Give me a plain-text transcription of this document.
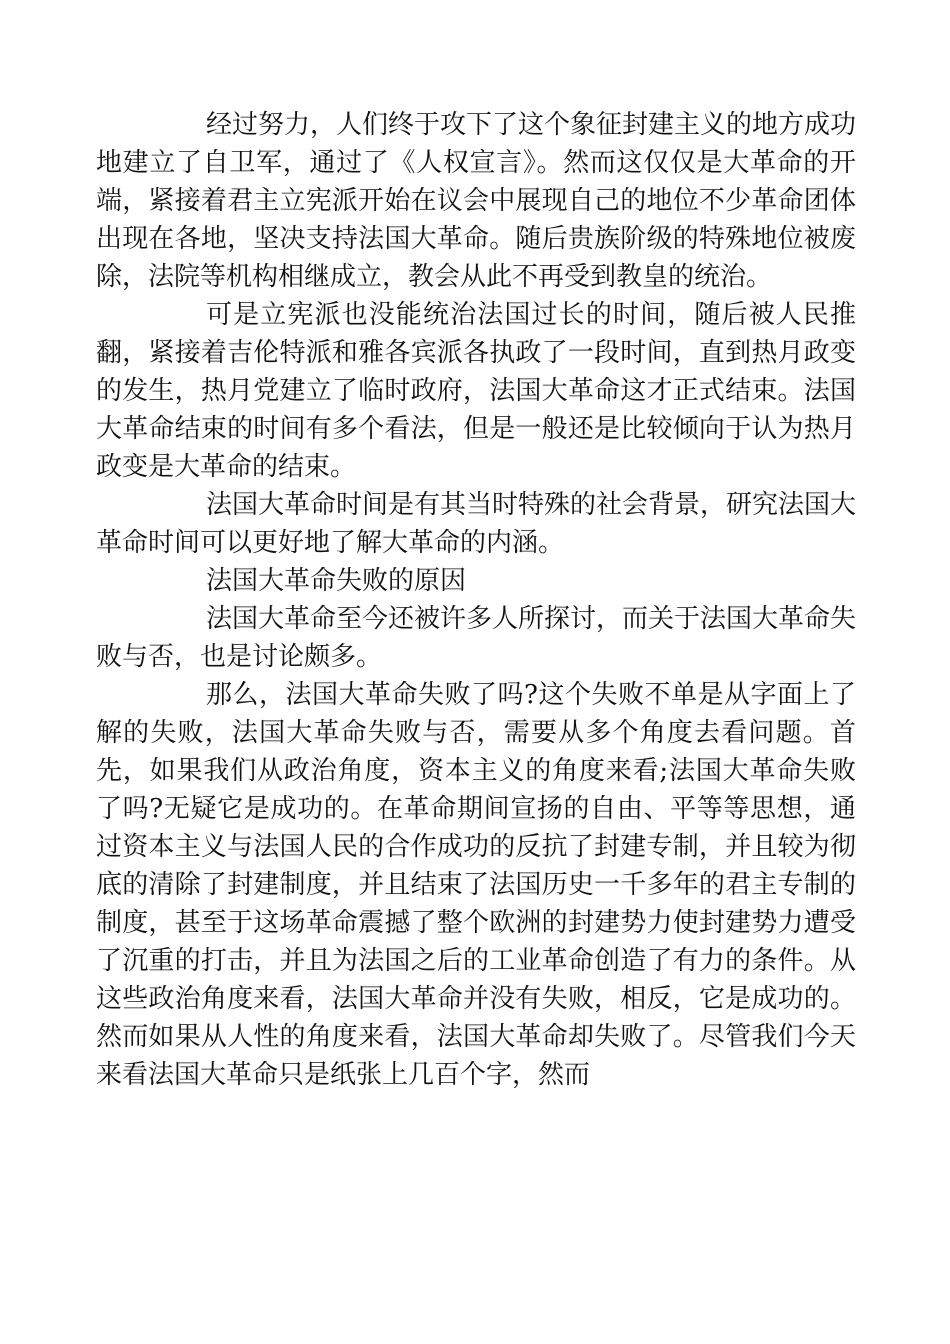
经过努力，人们终于攻下了这个象征封建主义的地方成功地建立了自卫军，通过了《人权宣言》。然而这仅仅是大革命的开端，紧接着君主立宪派开始在议会中展现自己的地位不少革命团体出现在各地，坚决支持法国大革命。随后贵族阶级的特殊地位被废除，法院等机构相继成立，教会从此不再受到教皇的统治。

可是立宪派也没能统治法国过长的时间，随后被人民推翻，紧接着吉伦特派和雅各宾派各执政了一段时间，直到热月政变的发生，热月党建立了临时政府，法国大革命这才正式结束。法国大革命结束的时间有多个看法，但是一般还是比较倾向于认为热月政变是大革命的结束。

法国大革命时间是有其当时特殊的社会背景，研究法国大革命时间可以更好地了解大革命的内涵。

法国大革命失败的原因

法国大革命至今还被许多人所探讨，而关于法国大革命失败与否，也是讨论颇多。

那么，法国大革命失败了吗?这个失败不单是从字面上了解的失败，法国大革命失败与否，需要从多个角度去看问题。首先，如果我们从政治角度，资本主义的角度来看;法国大革命失败了吗?无疑它是成功的。在革命期间宣扬的自由、平等等思想，通过资本主义与法国人民的合作成功的反抗了封建专制，并且较为彻底的清除了封建制度，并且结束了法国历史一千多年的君主专制的制度，甚至于这场革命震撼了整个欧洲的封建势力使封建势力遭受了沉重的打击，并且为法国之后的工业革命创造了有力的条件。从这些政治角度来看，法国大革命并没有失败，相反，它是成功的。然而如果从人性的角度来看，法国大革命却失败了。尽管我们今天来看法国大革命只是纸张上几百个字，然而
